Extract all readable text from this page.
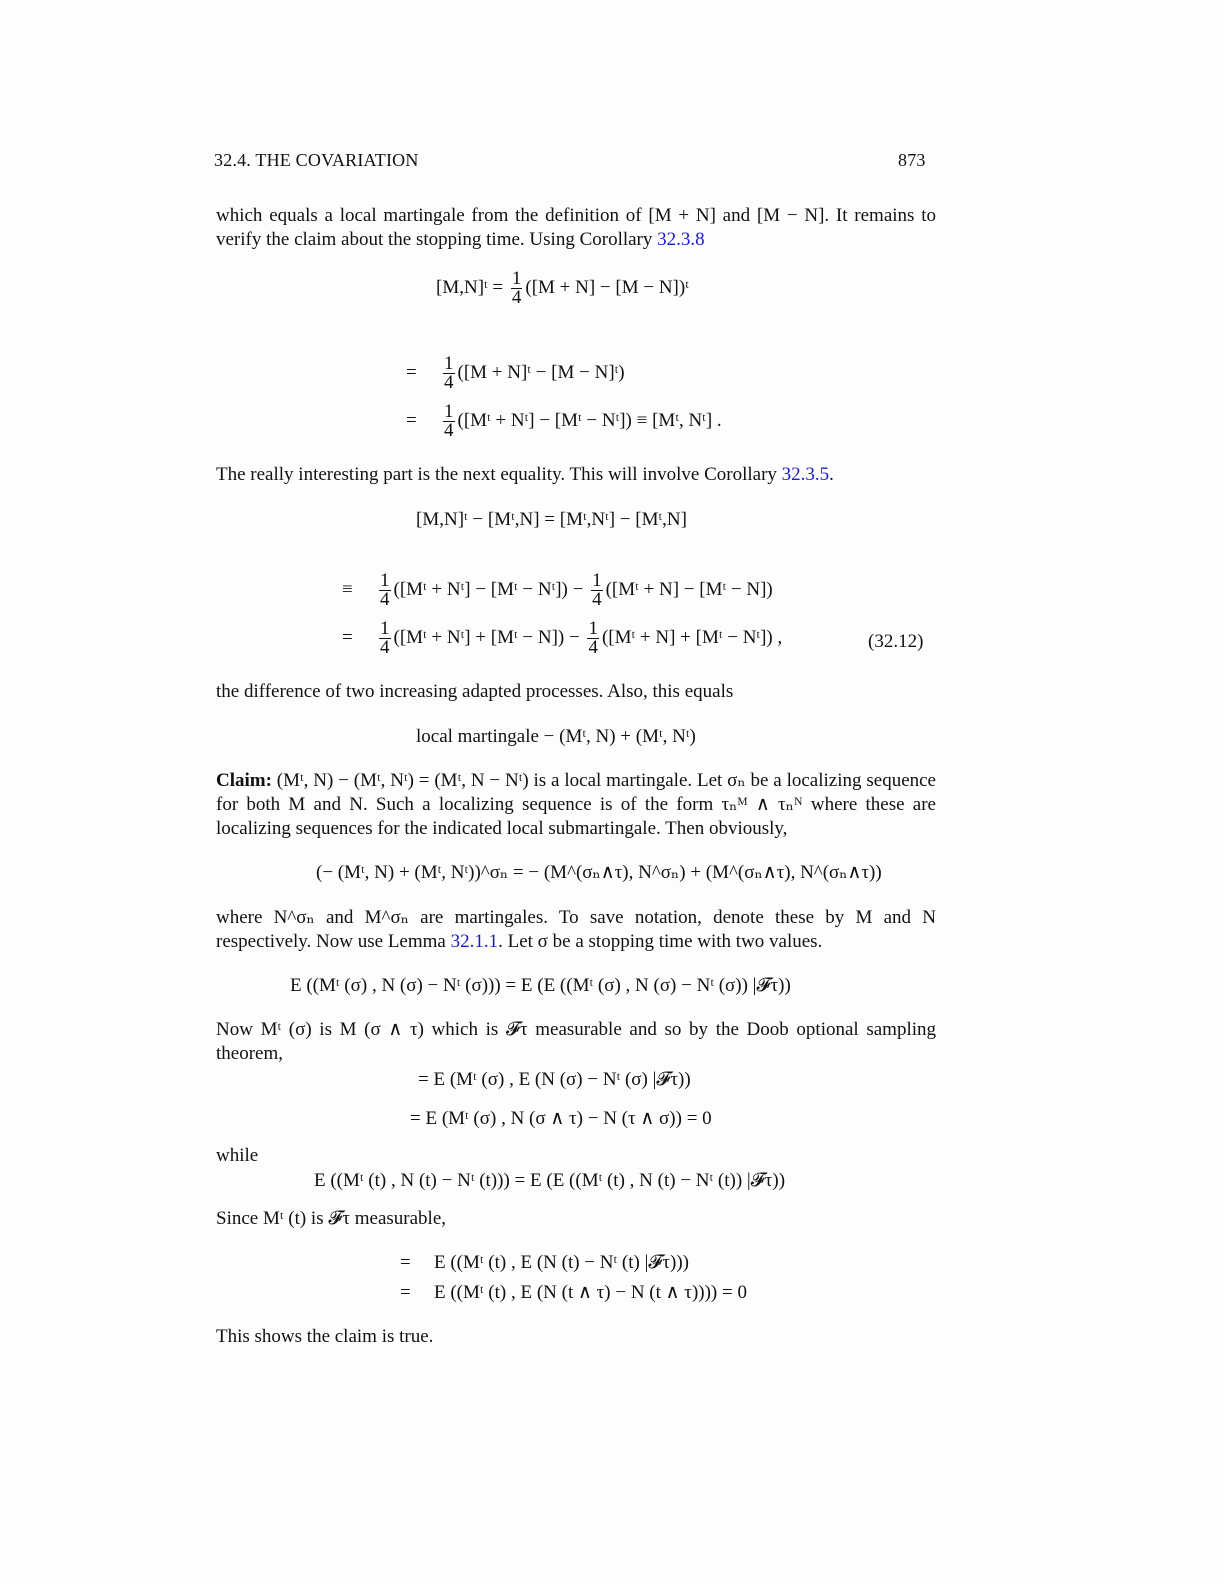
32.4. THE COVARIATION	873
which equals a local martingale from the definition of [M + N] and [M − N]. It remains to verify the claim about the stopping time. Using Corollary 32.3.8
[M,N]ᵗ = $\frac{1}{4} ([M + N] - [M$ − N])ᵗ
= $\frac{1}{4} ([M$ + N]ᵗ − [M − N]ᵗ)
= $\frac{1}{4}$ ([Mᵗ + Nᵗ] − [Mᵗ − Nᵗ]) ≡ [Mᵗ, Nᵗ] .
The really interesting part is the next equality. This will involve Corollary 32.3.5.
[M,N]ᵗ − [Mᵗ,N] = [Mᵗ,Nᵗ] − [Mᵗ,N]
≡ $\frac{1}{4}$ ([Mᵗ + Nᵗ] − [Mᵗ − Nᵗ]) − $\frac{1}{4}$ ([Mᵗ + N] − [Mᵗ − N])
= $\frac{1}{4}$ ([Mᵗ + Nᵗ] + [Mᵗ − $N]) - \frac{1}{4}$ ([Mᵗ + N] + [Mᵗ − Nᵗ]) ,	(32.12)
the difference of two increasing adapted processes. Also, this equals
local martingale − (Mᵗ, N) + (Mᵗ, Nᵗ)
Claim: (Mᵗ, N) − (Mᵗ, Nᵗ) = (Mᵗ, N − Nᵗ) is a local martingale. Let σₙ be a localizing sequence for both M and N. Such a localizing sequence is of the form τₙᴹ ∧ τₙᴺ where these are localizing sequences for the indicated local submartingale. Then obviously,
(− (Mᵗ, N) + (Mᵗ, Nᵗ))^σₙ = − (M^(σₙ∧τ), N^σₙ) + (M^(σₙ∧τ), N^(σₙ∧τ))
where N^σₙ and M^σₙ are martingales. To save notation, denote these by M and N respectively. Now use Lemma 32.1.1. Let σ be a stopping time with two values.
E ((Mᵗ (σ) , N (σ) − Nᵗ (σ))) = E (E ((Mᵗ (σ) , N (σ) − Nᵗ (σ)) |𝓕τ))
Now Mᵗ (σ) is M (σ ∧ τ) which is 𝓕τ measurable and so by the Doob optional sampling theorem,
= E (Mᵗ (σ) , E (N (σ) − Nᵗ (σ) |𝓕τ))
= E (Mᵗ (σ) , N (σ ∧ τ) − N (τ ∧ σ)) = 0
while
E ((Mᵗ (t) , N (t) − Nᵗ (t))) = E (E ((Mᵗ (t) , N (t) − Nᵗ (t)) |𝓕τ))
Since Mᵗ (t) is 𝓕τ measurable,
= E ((Mᵗ (t) , E (N (t) − Nᵗ (t) |𝓕τ)))
= E ((Mᵗ (t) , E (N (t ∧ τ) − N (t ∧ τ)))) = 0
This shows the claim is true.
